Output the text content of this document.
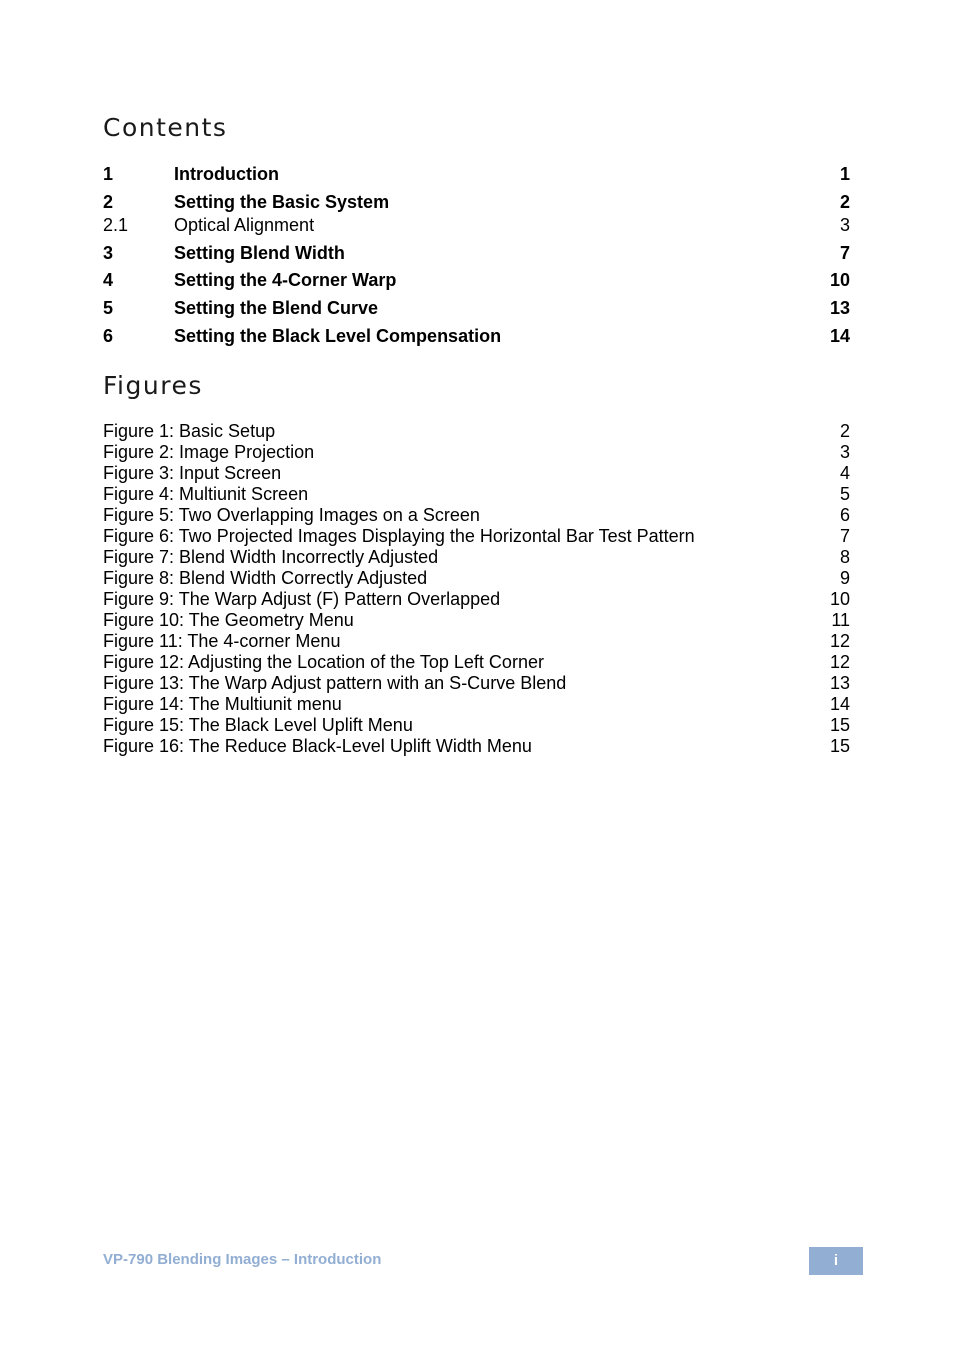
Contents
1	Introduction	1
2	Setting the Basic System	2
2.1	Optical Alignment	3
3	Setting Blend Width	7
4	Setting the 4-Corner Warp	10
5	Setting the Blend Curve	13
6	Setting the Black Level Compensation	14
Figures
Figure 1: Basic Setup	2
Figure 2: Image Projection	3
Figure 3: Input Screen	4
Figure 4: Multiunit Screen	5
Figure 5: Two Overlapping Images on a Screen	6
Figure 6: Two Projected Images Displaying the Horizontal Bar Test Pattern	7
Figure 7: Blend Width Incorrectly Adjusted	8
Figure 8: Blend Width Correctly Adjusted	9
Figure 9: The Warp Adjust (F) Pattern Overlapped	10
Figure 10: The Geometry Menu	11
Figure 11: The 4-corner Menu	12
Figure 12: Adjusting the Location of the Top Left Corner	12
Figure 13: The Warp Adjust pattern with an S-Curve Blend	13
Figure 14: The Multiunit menu	14
Figure 15: The Black Level Uplift Menu	15
Figure 16: The Reduce Black-Level Uplift Width Menu	15
VP-790 Blending Images – Introduction	i
